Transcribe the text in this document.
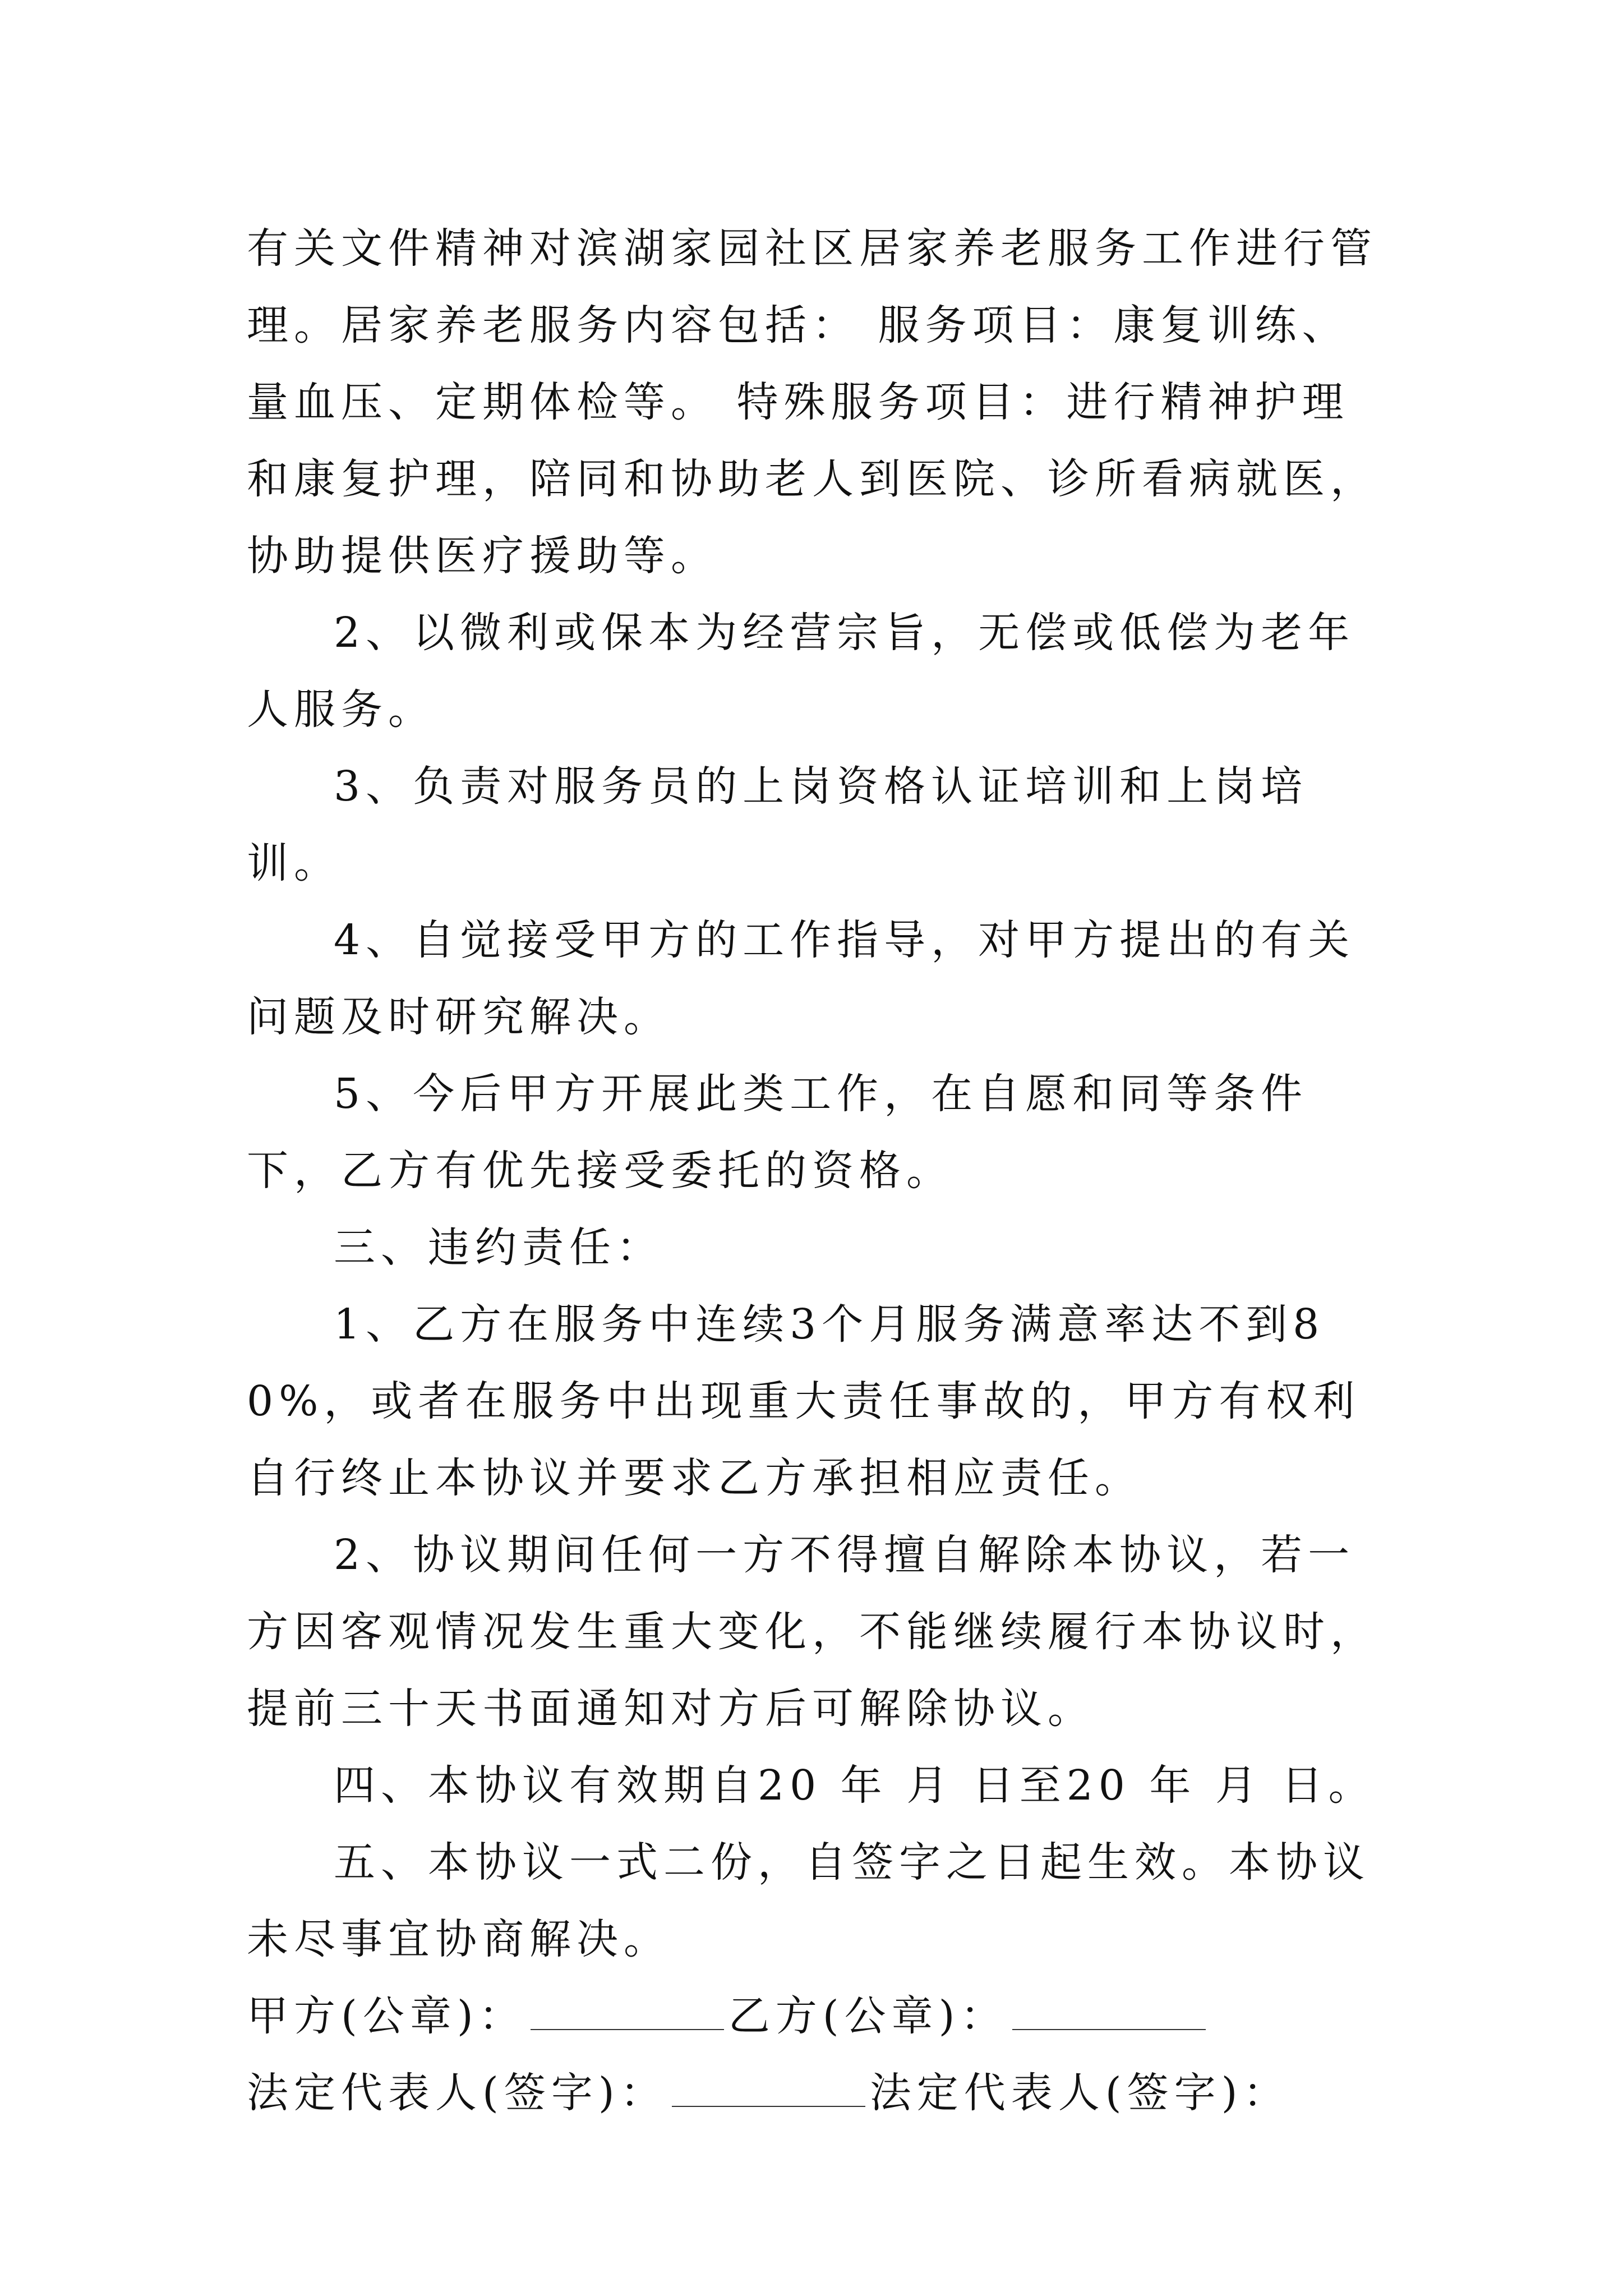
有关文件精神对滨湖家园社区居家养老服务工作进行管理。居家养老服务内容包括： 服务项目：康复训练、量血压、定期体检等。 特殊服务项目：进行精神护理和康复护理，陪同和协助老人到医院、诊所看病就医，协助提供医疗援助等。

2、以微利或保本为经营宗旨，无偿或低偿为老年人服务。

3、负责对服务员的上岗资格认证培训和上岗培训。

4、自觉接受甲方的工作指导，对甲方提出的有关问题及时研究解决。

5、今后甲方开展此类工作，在自愿和同等条件下，乙方有优先接受委托的资格。

三、违约责任：

1、乙方在服务中连续3个月服务满意率达不到80%，或者在服务中出现重大责任事故的，甲方有权利自行终止本协议并要求乙方承担相应责任。

2、协议期间任何一方不得擅自解除本协议，若一方因客观情况发生重大变化，不能继续履行本协议时，提前三十天书面通知对方后可解除协议。

四、本协议有效期自20 年 月 日至20 年 月 日。

五、本协议一式二份，自签字之日起生效。本协议未尽事宜协商解决。

甲方(公章)：	乙方(公章)：

法定代表人(签字)：	法定代表人(签字)：
